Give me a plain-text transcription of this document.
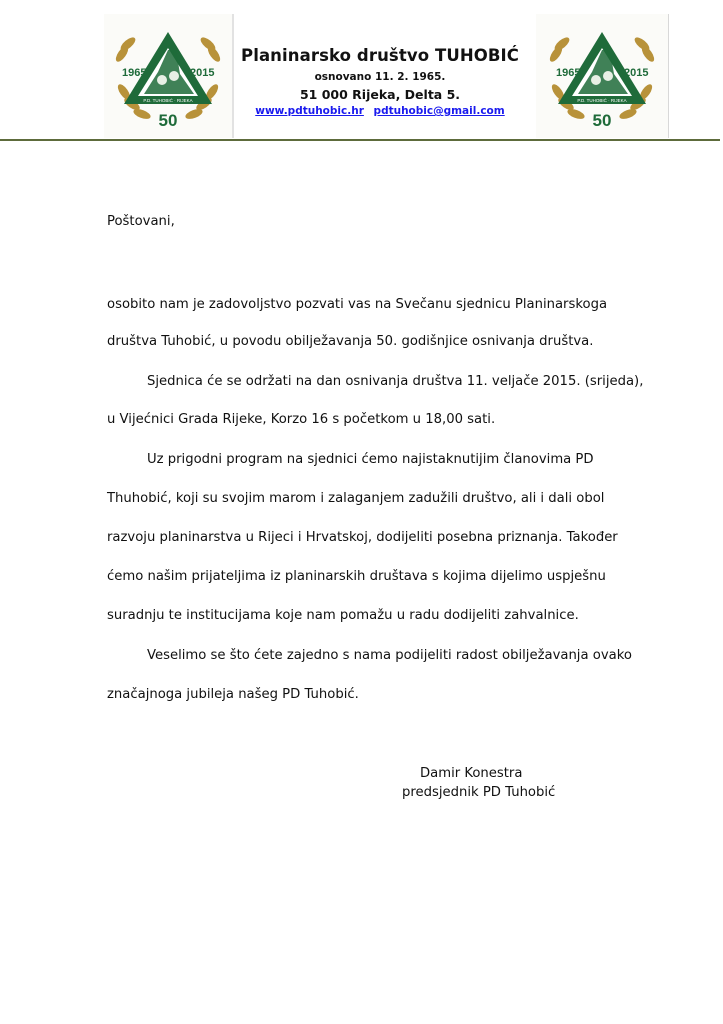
1965	2015
P.D. TUHOBIĆ · RIJEKA
50
Planinarsko društvo TUHOBIĆ
osnovano 11. 2. 1965.
51 000 Rijeka, Delta 5.
www.pdtuhobic.hr pdtuhobic@gmail.com
1965	2015
P.D. TUHOBIĆ · RIJEKA
50
Poštovani,
osobito nam je zadovoljstvo pozvati vas na Svečanu sjednicu Planinarskoga
društva Tuhobić, u povodu obilježavanja 50. godišnjice osnivanja društva.
Sjednica će se održati na dan osnivanja društva 11. veljače 2015. (srijeda),
u Vijećnici Grada Rijeke, Korzo 16 s početkom u 18,00 sati.
Uz prigodni program na sjednici ćemo najistaknutijim članovima PD
Thuhobić, koji su svojim marom i zalaganjem zadužili društvo, ali i dali obol
razvoju planinarstva u Rijeci i Hrvatskoj, dodijeliti posebna priznanja. Također
ćemo našim prijateljima iz planinarskih društava s kojima dijelimo uspješnu
suradnju te institucijama koje nam pomažu u radu dodijeliti zahvalnice.
Veselimo se što ćete zajedno s nama podijeliti radost obilježavanja ovako
značajnoga jubileja našeg PD Tuhobić.
Damir Konestra
predsjednik PD Tuhobić
